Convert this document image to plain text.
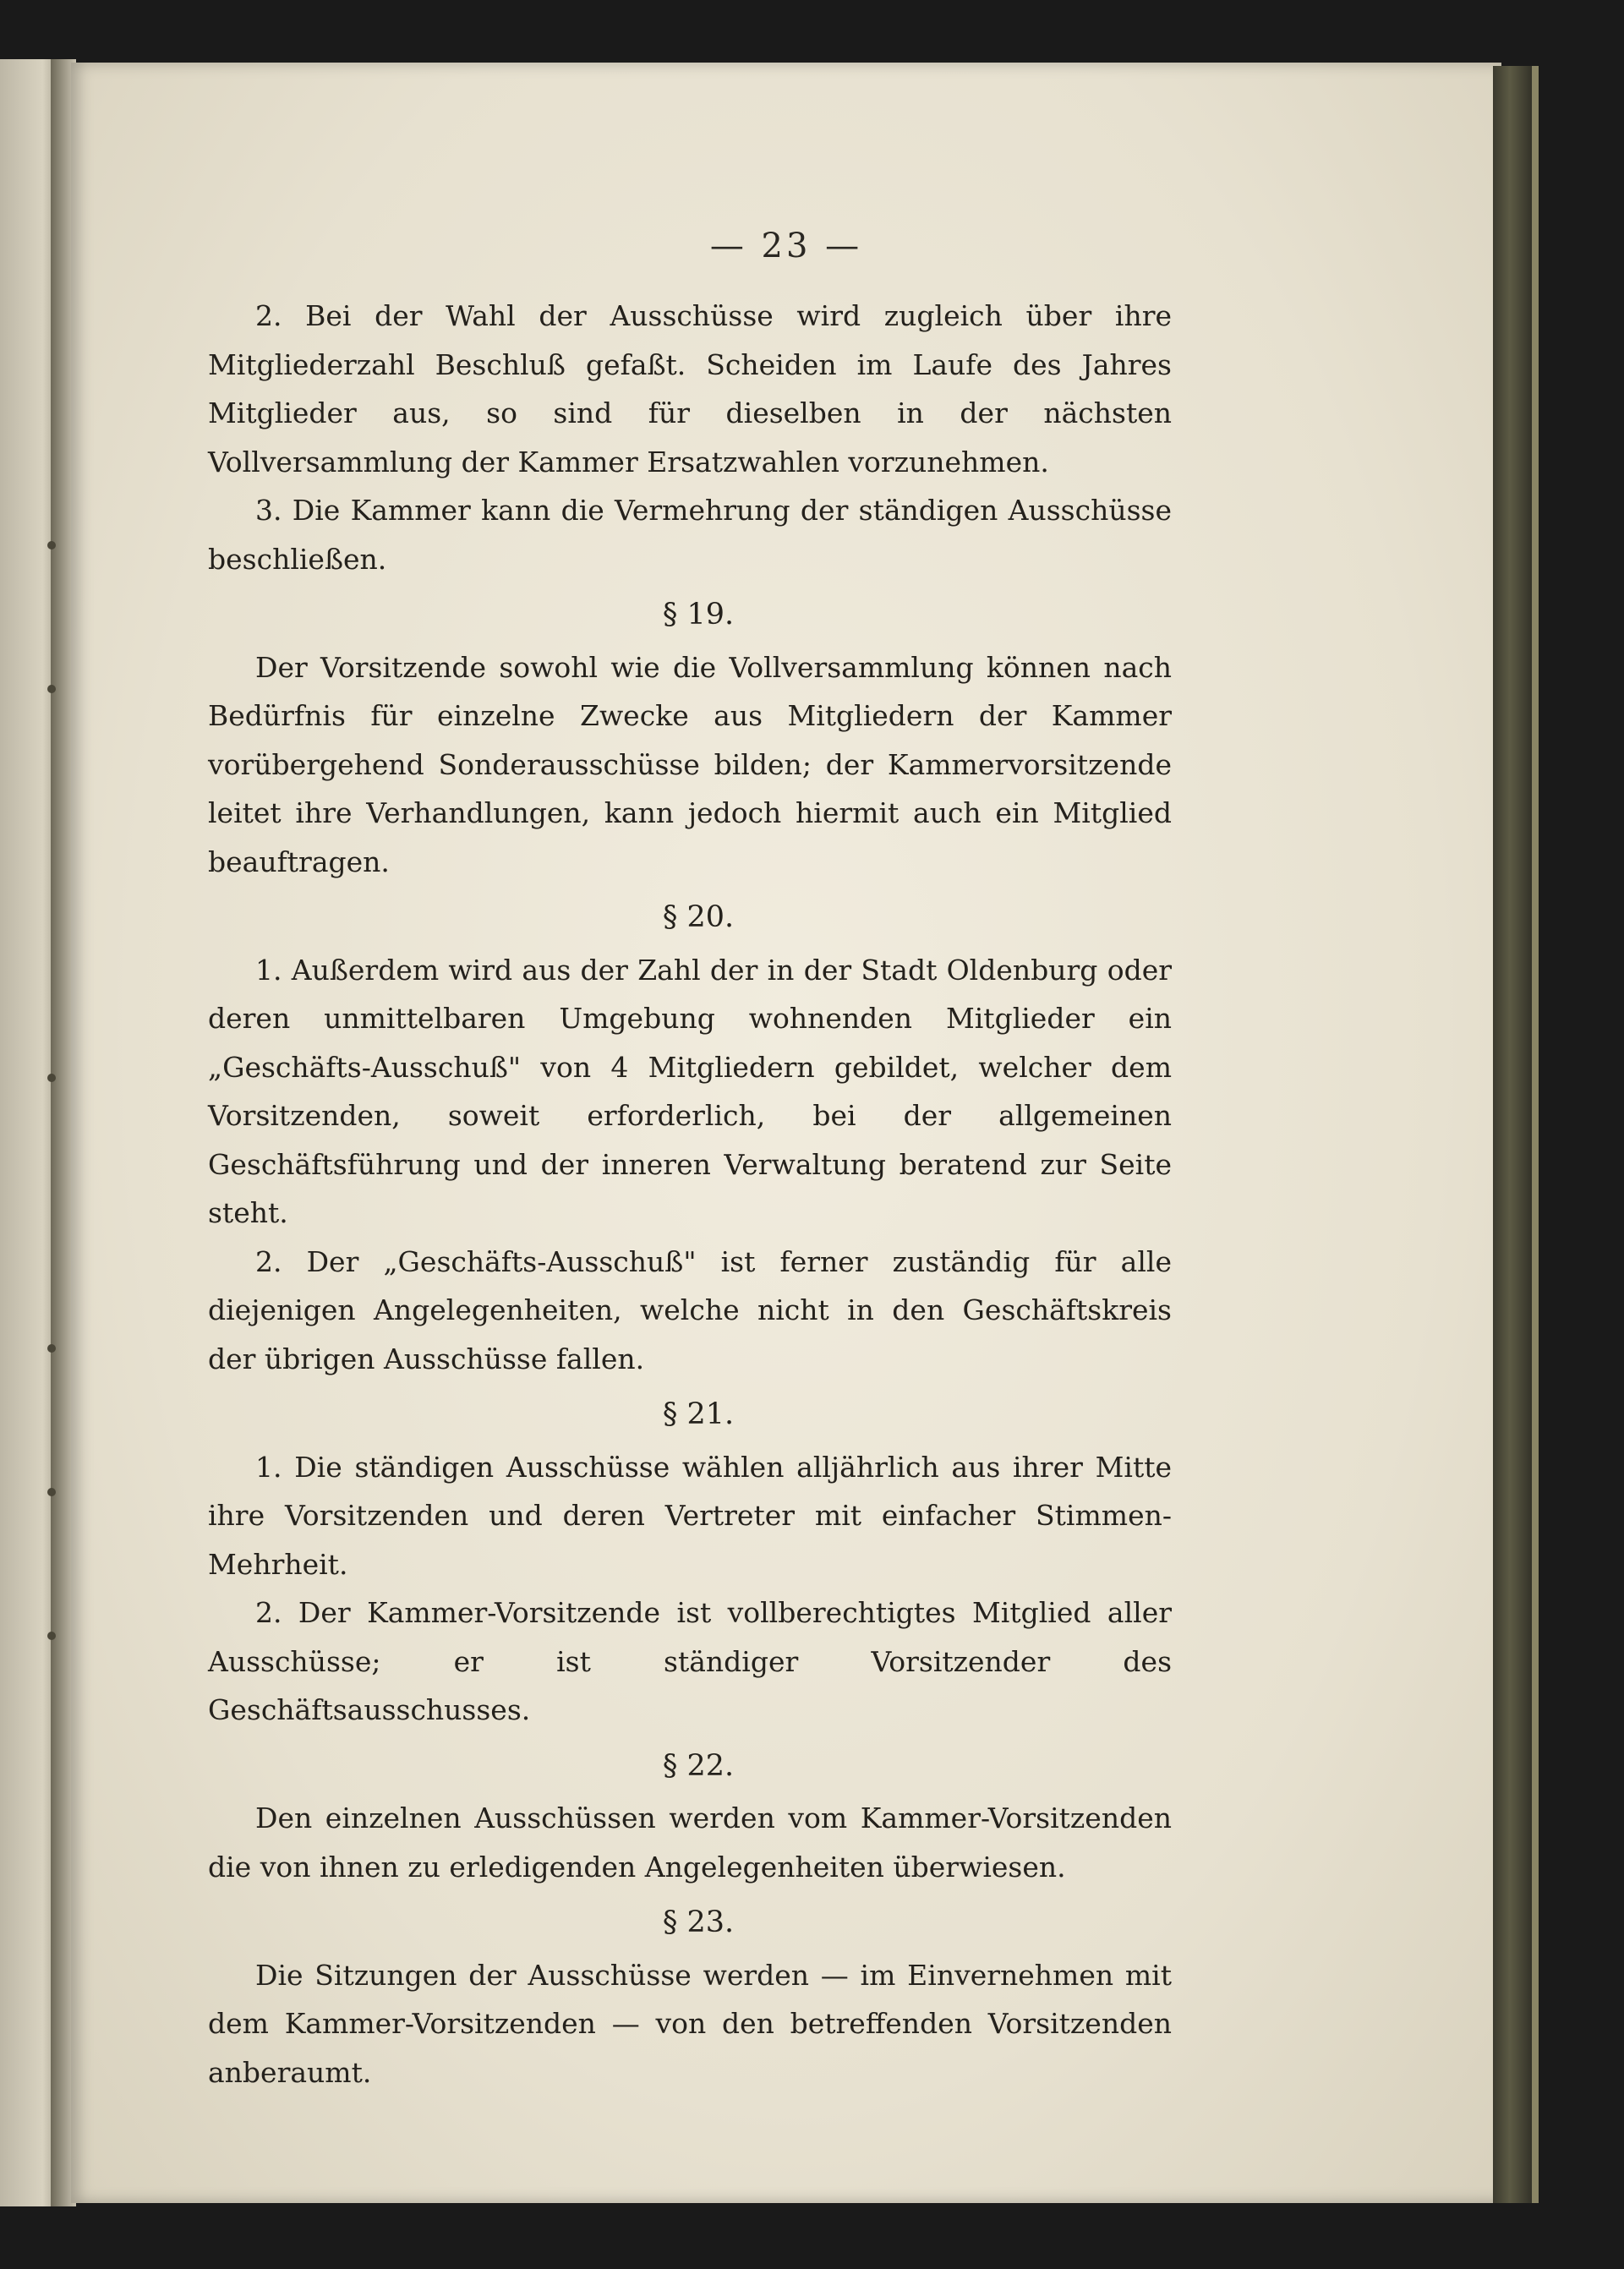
— 23 —

2. Bei der Wahl der Ausschüsse wird zugleich über ihre Mitgliederzahl Beschluß gefaßt. Scheiden im Laufe des Jahres Mitglieder aus, so sind für dieselben in der nächsten Vollversammlung der Kammer Ersatzwahlen vorzunehmen.

3. Die Kammer kann die Vermehrung der ständigen Ausschüsse beschließen.

§ 19.

Der Vorsitzende sowohl wie die Vollversammlung können nach Bedürfnis für einzelne Zwecke aus Mitgliedern der Kammer vorübergehend Sonderausschüsse bilden; der Kammervorsitzende leitet ihre Verhandlungen, kann jedoch hiermit auch ein Mitglied beauftragen.

§ 20.

1. Außerdem wird aus der Zahl der in der Stadt Oldenburg oder deren unmittelbaren Umgebung wohnenden Mitglieder ein „Geschäfts-Ausschuß" von 4 Mitgliedern gebildet, welcher dem Vorsitzenden, soweit erforderlich, bei der allgemeinen Geschäftsführung und der inneren Verwaltung beratend zur Seite steht.

2. Der „Geschäfts-Ausschuß" ist ferner zuständig für alle diejenigen Angelegenheiten, welche nicht in den Geschäftskreis der übrigen Ausschüsse fallen.

§ 21.

1. Die ständigen Ausschüsse wählen alljährlich aus ihrer Mitte ihre Vorsitzenden und deren Vertreter mit einfacher Stimmen-Mehrheit.

2. Der Kammer-Vorsitzende ist vollberechtigtes Mitglied aller Ausschüsse; er ist ständiger Vorsitzender des Geschäftsausschusses.

§ 22.

Den einzelnen Ausschüssen werden vom Kammer-Vorsitzenden die von ihnen zu erledigenden Angelegenheiten überwiesen.

§ 23.

Die Sitzungen der Ausschüsse werden — im Einvernehmen mit dem Kammer-Vorsitzenden — von den betreffenden Vorsitzenden anberaumt.
